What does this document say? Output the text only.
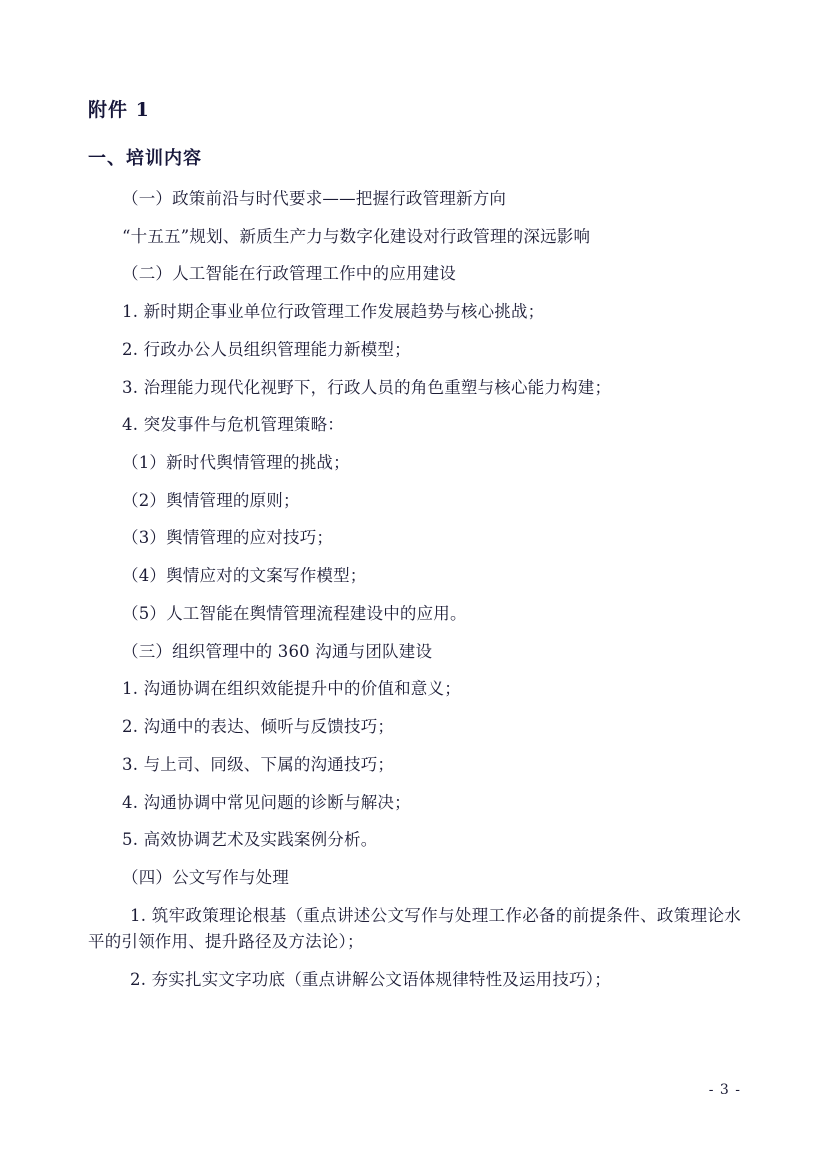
附件 1
一、培训内容

（一）政策前沿与时代要求——把握行政管理新方向

“十五五”规划、新质生产力与数字化建设对行政管理的深远影响

（二）人工智能在行政管理工作中的应用建设

1. 新时期企事业单位行政管理工作发展趋势与核心挑战；

2. 行政办公人员组织管理能力新模型；

3. 治理能力现代化视野下，行政人员的角色重塑与核心能力构建；

4. 突发事件与危机管理策略：

（1）新时代舆情管理的挑战；

（2）舆情管理的原则；

（3）舆情管理的应对技巧；

（4）舆情应对的文案写作模型；

（5）人工智能在舆情管理流程建设中的应用。

（三）组织管理中的 360 沟通与团队建设

1. 沟通协调在组织效能提升中的价值和意义；

2. 沟通中的表达、倾听与反馈技巧；

3. 与上司、同级、下属的沟通技巧；

4. 沟通协调中常见问题的诊断与解决；

5. 高效协调艺术及实践案例分析。

（四）公文写作与处理

1. 筑牢政策理论根基（重点讲述公文写作与处理工作必备的前提条件、政策理论水平的引领作用、提升路径及方法论）；

2. 夯实扎实文字功底（重点讲解公文语体规律特性及运用技巧）；

- 3 -
